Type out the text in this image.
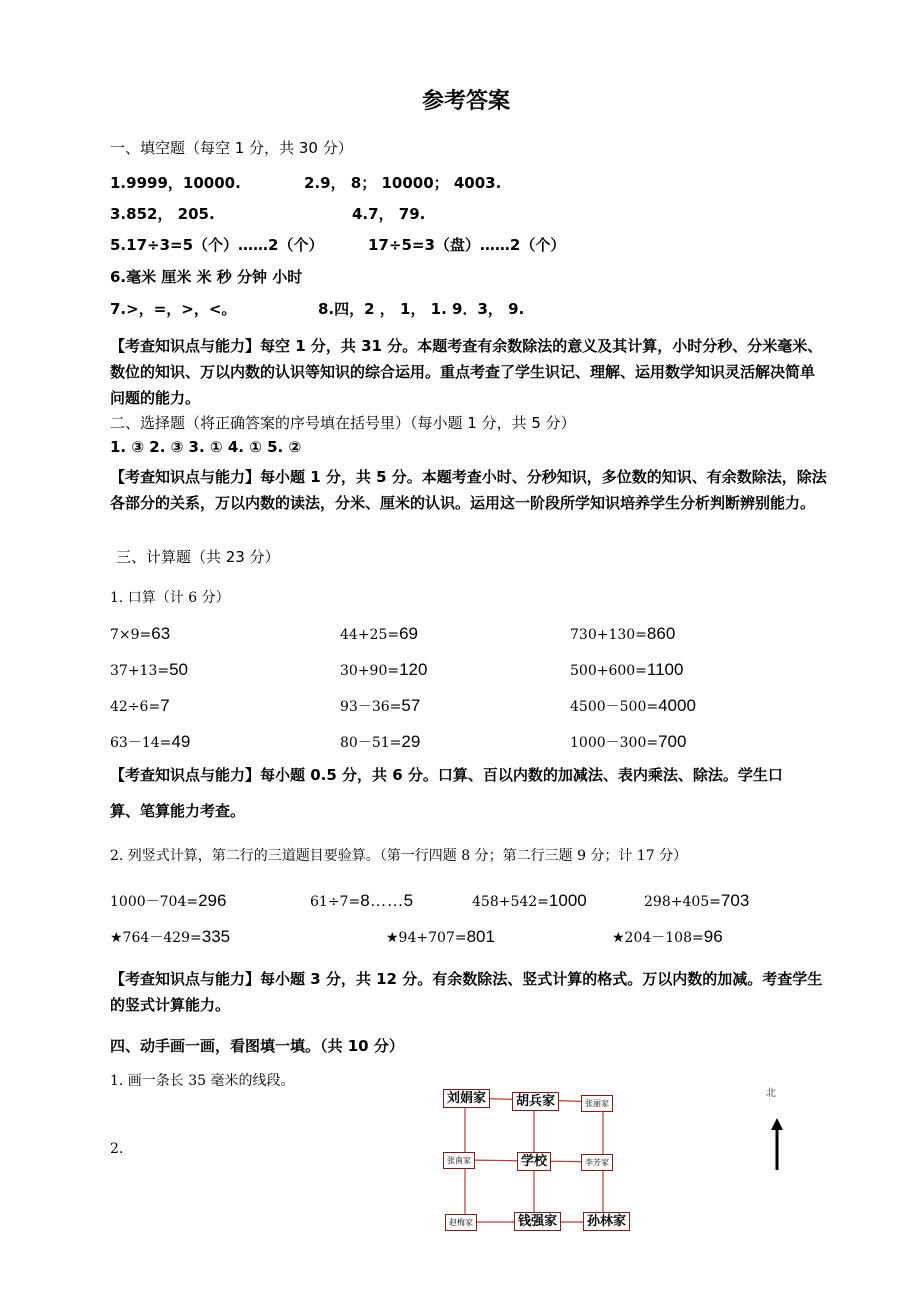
参考答案
一、填空题（每空 1 分，共 30 分）
1.9999，10000.	2.9， 8； 10000； 4003.
3.852， 205.	4.7， 79.
5.17÷3=5（个）……2（个）	17÷5=3（盘）……2（个）
6.毫米 厘米 米 秒 分钟 小时
7.>，=，>，<。	8.四，2 ， 1， 1. 9．3， 9.
【考查知识点与能力】每空 1 分，共 31 分。本题考查有余数除法的意义及其计算，小时分秒、分米毫米、数位的知识、万以内数的认识等知识的综合运用。重点考查了学生识记、理解、运用数学知识灵活解决简单问题的能力。
二、选择题（将正确答案的序号填在括号里）（每小题 1 分，共 5 分）
1. ③ 2. ③ 3. ① 4. ① 5. ②
【考查知识点与能力】每小题 1 分，共 5 分。本题考查小时、分秒知识，多位数的知识、有余数除法，除法各部分的关系，万以内数的读法，分米、厘米的认识。运用这一阶段所学知识培养学生分析判断辨别能力。
三、计算题（共 23 分）
1. 口算（计 6 分）
7×9=63	44+25=69	730+130=860
37+13=50	30+90=120	500+600=1100
42÷6=7	93－36=57	4500－500=4000
63－14=49	80－51=29	1000－300=700
【考查知识点与能力】每小题 0.5 分，共 6 分。口算、百以内数的加减法、表内乘法、除法。学生口
算、笔算能力考查。
2. 列竖式计算，第二行的三道题目要验算。（第一行四题 8 分；第二行三题 9 分；计 17 分）
1000－704=296	61÷7=8……5	458+542=1000	298+405=703
★764－429=335	★94+707=801	★204－108=96
【考查知识点与能力】每小题 3 分，共 12 分。有余数除法、竖式计算的格式。万以内数的加减。考查学生的竖式计算能力。
四、动手画一画，看图填一填。（共 10 分）
1. 画一条长 35 毫米的线段。
2.
刘娟家	胡兵家	张丽家
张南家	学校	李芳家
赵梅家	钱强家	孙林家
北
